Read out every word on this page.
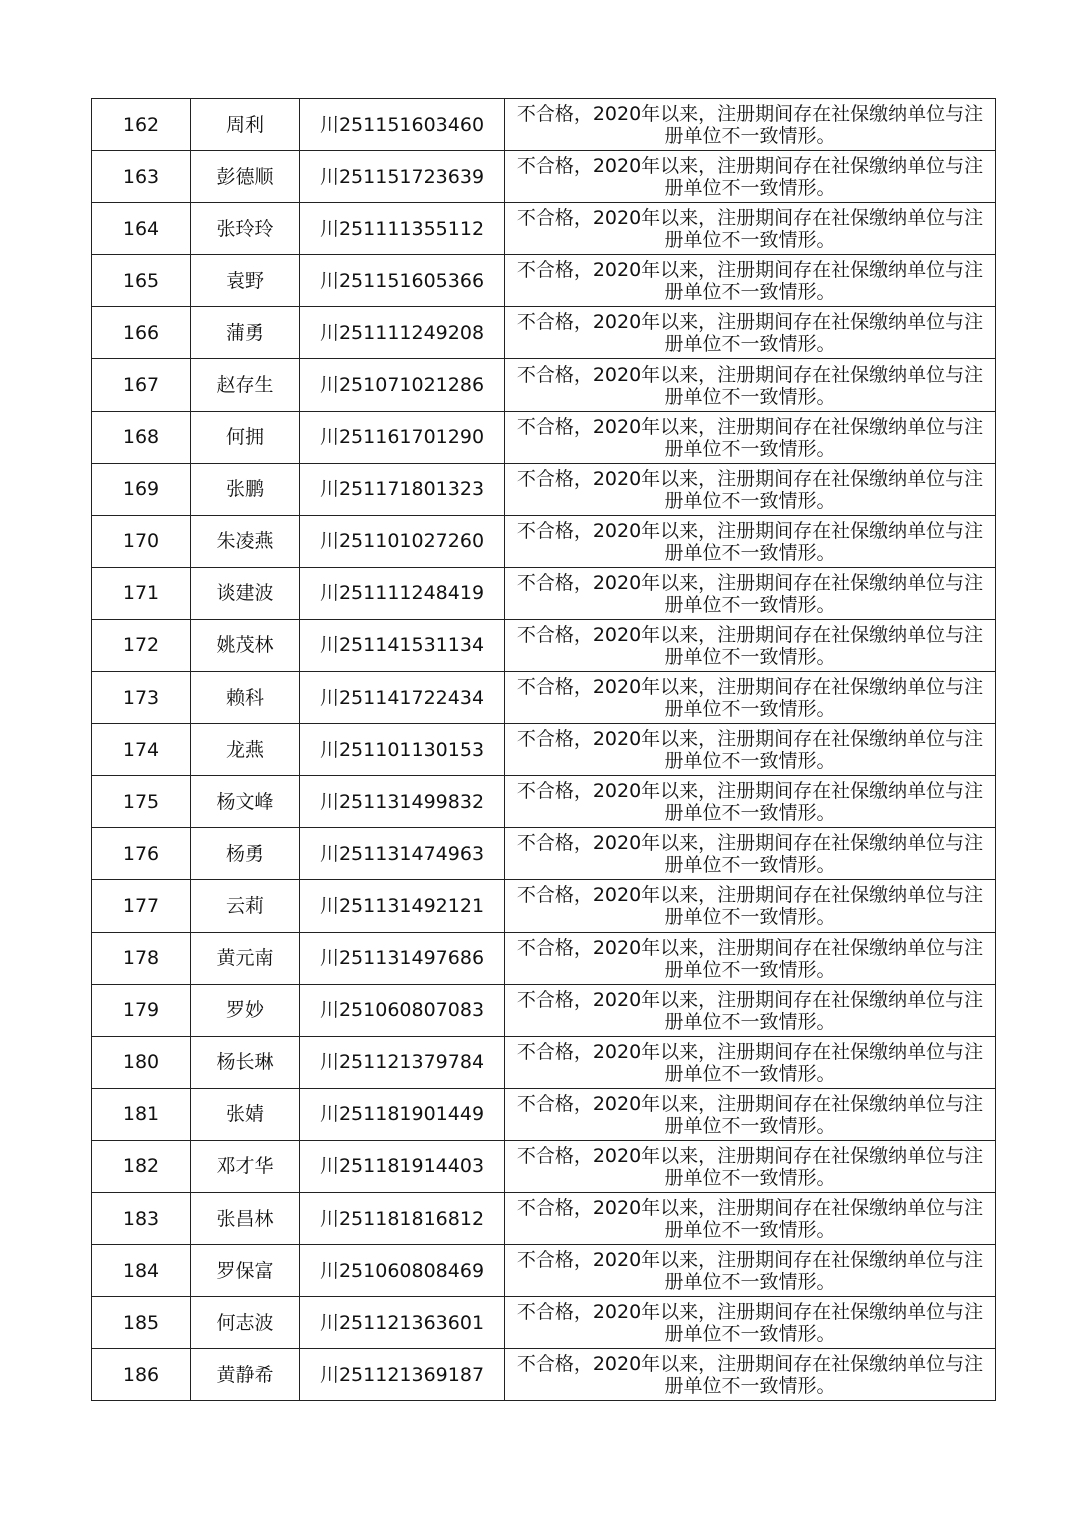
162	周利	川251151603460	不合格，2020年以来，注册期间存在社保缴纳单位与注册单位不一致情形。

163	彭德顺	川251151723639	不合格，2020年以来，注册期间存在社保缴纳单位与注册单位不一致情形。

164	张玲玲	川251111355112	不合格，2020年以来，注册期间存在社保缴纳单位与注册单位不一致情形。

165	袁野	川251151605366	不合格，2020年以来，注册期间存在社保缴纳单位与注册单位不一致情形。

166	蒲勇	川251111249208	不合格，2020年以来，注册期间存在社保缴纳单位与注册单位不一致情形。

167	赵存生	川251071021286	不合格，2020年以来，注册期间存在社保缴纳单位与注册单位不一致情形。

168	何拥	川251161701290	不合格，2020年以来，注册期间存在社保缴纳单位与注册单位不一致情形。

169	张鹏	川251171801323	不合格，2020年以来，注册期间存在社保缴纳单位与注册单位不一致情形。

170	朱凌燕	川251101027260	不合格，2020年以来，注册期间存在社保缴纳单位与注册单位不一致情形。

171	谈建波	川251111248419	不合格，2020年以来，注册期间存在社保缴纳单位与注册单位不一致情形。

172	姚茂林	川251141531134	不合格，2020年以来，注册期间存在社保缴纳单位与注册单位不一致情形。

173	赖科	川251141722434	不合格，2020年以来，注册期间存在社保缴纳单位与注册单位不一致情形。

174	龙燕	川251101130153	不合格，2020年以来，注册期间存在社保缴纳单位与注册单位不一致情形。

175	杨文峰	川251131499832	不合格，2020年以来，注册期间存在社保缴纳单位与注册单位不一致情形。

176	杨勇	川251131474963	不合格，2020年以来，注册期间存在社保缴纳单位与注册单位不一致情形。

177	云莉	川251131492121	不合格，2020年以来，注册期间存在社保缴纳单位与注册单位不一致情形。

178	黄元南	川251131497686	不合格，2020年以来，注册期间存在社保缴纳单位与注册单位不一致情形。

179	罗妙	川251060807083	不合格，2020年以来，注册期间存在社保缴纳单位与注册单位不一致情形。

180	杨长琳	川251121379784	不合格，2020年以来，注册期间存在社保缴纳单位与注册单位不一致情形。

181	张婧	川251181901449	不合格，2020年以来，注册期间存在社保缴纳单位与注册单位不一致情形。

182	邓才华	川251181914403	不合格，2020年以来，注册期间存在社保缴纳单位与注册单位不一致情形。

183	张昌林	川251181816812	不合格，2020年以来，注册期间存在社保缴纳单位与注册单位不一致情形。

184	罗保富	川251060808469	不合格，2020年以来，注册期间存在社保缴纳单位与注册单位不一致情形。

185	何志波	川251121363601	不合格，2020年以来，注册期间存在社保缴纳单位与注册单位不一致情形。

186	黄静希	川251121369187	不合格，2020年以来，注册期间存在社保缴纳单位与注册单位不一致情形。
